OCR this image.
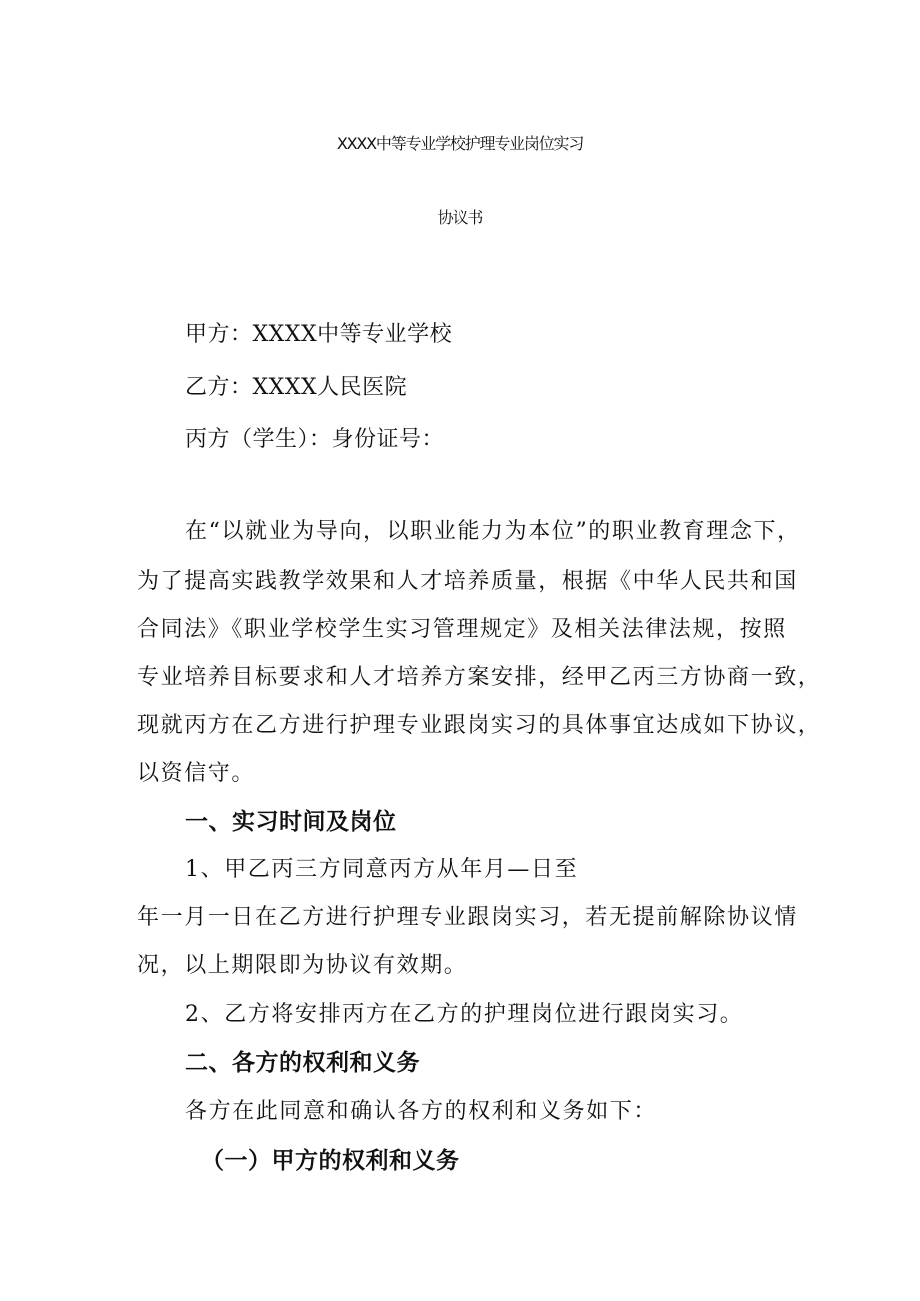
XXXX中等专业学校护理专业岗位实习
协议书
甲方：XXXX中等专业学校
乙方：XXXX人民医院
丙方（学生）：身份证号：
在“以就业为导向，以职业能力为本位”的职业教育理念下，
为了提高实践教学效果和人才培养质量，根据《中华人民共和国
合同法》《职业学校学生实习管理规定》及相关法律法规，按照
专业培养目标要求和人才培养方案安排，经甲乙丙三方协商一致，
现就丙方在乙方进行护理专业跟岗实习的具体事宜达成如下协议，
以资信守。
一、实习时间及岗位
1、甲乙丙三方同意丙方从年月—日至
年一月一日在乙方进行护理专业跟岗实习，若无提前解除协议情
况，以上期限即为协议有效期。
2、乙方将安排丙方在乙方的护理岗位进行跟岗实习。
二、各方的权利和义务
各方在此同意和确认各方的权利和义务如下：
（一）甲方的权利和义务
